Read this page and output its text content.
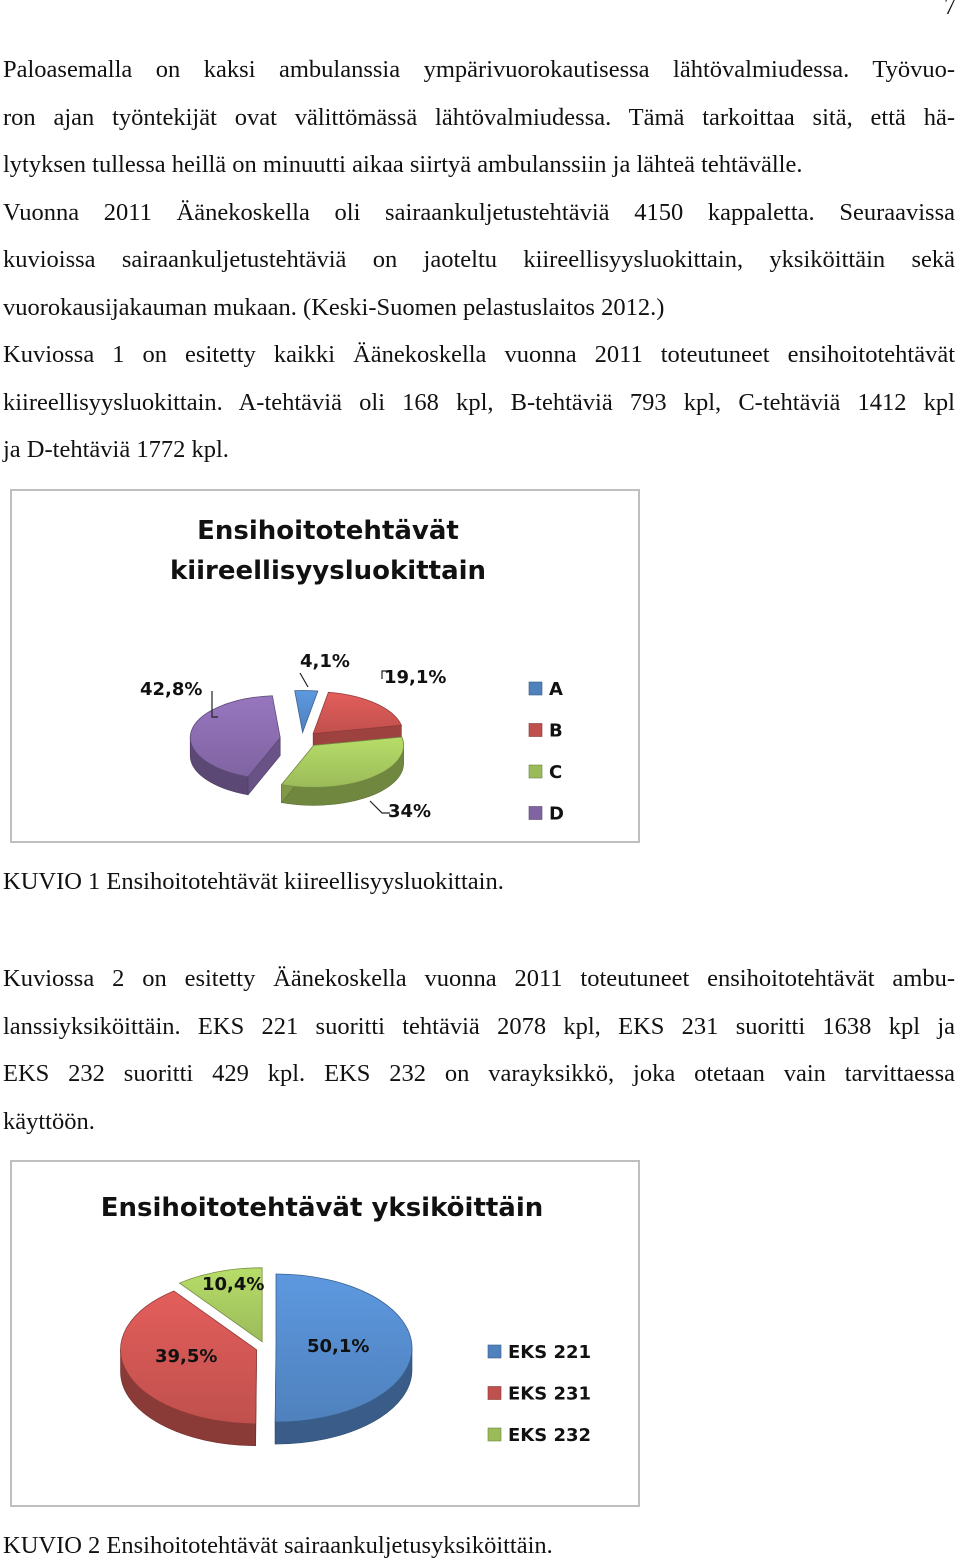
7
Paloasemalla on kaksi ambulanssia ympärivuorokautisessa lähtövalmiudessa. Työvuo-
ron ajan työntekijät ovat välittömässä lähtövalmiudessa. Tämä tarkoittaa sitä, että hä-
lytyksen tullessa heillä on minuutti aikaa siirtyä ambulanssiin ja lähteä tehtävälle.
Vuonna 2011 Äänekoskella oli sairaankuljetustehtäviä 4150 kappaletta. Seuraavissa
kuvioissa sairaankuljetustehtäviä on jaoteltu kiireellisyysluokittain, yksiköittäin sekä
vuorokausijakauman mukaan. (Keski-Suomen pelastuslaitos 2012.)
Kuviossa 1 on esitetty kaikki Äänekoskella vuonna 2011 toteutuneet ensihoitotehtävät
kiireellisyysluokittain. A-tehtäviä oli 168 kpl, B-tehtäviä 793 kpl, C-tehtäviä 1412 kpl
ja D-tehtäviä 1772 kpl.
Ensihoitotehtävät
kiireellisyysluokittain
4,1%
19,1%
34%
42,8%	A
B
C
D

KUVIO 1 Ensihoitotehtävät kiireellisyysluokittain.

Kuviossa 2 on esitetty Äänekoskella vuonna 2011 toteutuneet ensihoitotehtävät ambu-
lanssiyksiköittäin. EKS 221 suoritti tehtäviä 2078 kpl, EKS 231 suoritti 1638 kpl ja
EKS 232 suoritti 429 kpl. EKS 232 on varayksikkö, joka otetaan vain tarvittaessa
käyttöön.
Ensihoitotehtävät yksiköittäin
50,1%
39,5%
10,4%
EKS 221
EKS 231
EKS 232

KUVIO 2 Ensihoitotehtävät sairaankuljetusyksiköittäin.
